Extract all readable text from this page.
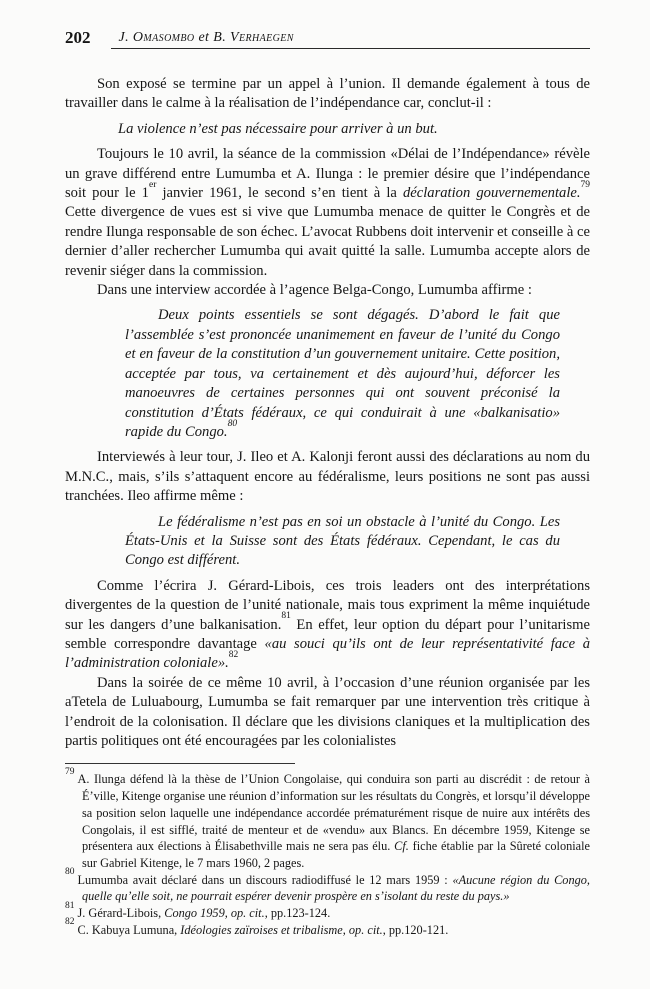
202	J. Omasombo et B. Verhaegen

Son exposé se termine par un appel à l’union. Il demande également à tous de travailler dans le calme à la réalisation de l’indépendance car, conclut-il :

La violence n’est pas nécessaire pour arriver à un but.

Toujours le 10 avril, la séance de la commission «Délai de l’Indépendance» révèle un grave différend entre Lumumba et A. Ilunga : le premier désire que l’indépendance soit pour le 1er janvier 1961, le second s’en tient à la déclaration gouvernementale.$^{79}$ Cette divergence de vues est si vive que Lumumba menace de quitter le Congrès et de rendre Ilunga responsable de son échec. L’avocat Rubbens doit intervenir et conseille à ce dernier d’aller rechercher Lumumba qui avait quitté la salle. Lumumba accepte alors de revenir siéger dans la commission.

Dans une interview accordée à l’agence Belga-Congo, Lumumba affirme :

Deux points essentiels se sont dégagés. D’abord le fait que l’assemblée s’est prononcée unanimement en faveur de l’unité du Congo et en faveur de la constitution d’un gouvernement unitaire. Cette position, acceptée par tous, va certainement et dès aujourd’hui, déforcer les manoeuvres de certaines personnes qui ont souvent préconisé la constitution d’États fédéraux, ce qui conduirait à une «balkanisatio» rapide du Congo.$^{80}$

Interviewés à leur tour, J. Ileo et A. Kalonji feront aussi des déclarations au nom du M.N.C., mais, s’ils s’attaquent encore au fédéralisme, leurs positions ne sont pas aussi tranchées. Ileo affirme même :

Le fédéralisme n’est pas en soi un obstacle à l’unité du Congo. Les États-Unis et la Suisse sont des États fédéraux. Cependant, le cas du Congo est différent.

Comme l’écrira J. Gérard-Libois, ces trois leaders ont des interprétations divergentes de la question de l’unité nationale, mais tous expriment la même inquiétude sur les dangers d’une balkanisation.$^{81}$ En effet, leur option du départ pour l’unitarisme semble correspondre davantage «au souci qu’ils ont de leur représentativité face à l’administration coloniale».$^{82}$

Dans la soirée de ce même 10 avril, à l’occasion d’une réunion organisée par les aTetela de Luluabourg, Lumumba se fait remarquer par une intervention très critique à l’endroit de la colonisation. Il déclare que les divisions claniques et la multiplication des partis politiques ont été encouragées par les colonialistes

$^{79}$A. Ilunga défend là la thèse de l’Union Congolaise, qui conduira son parti au discrédit : de retour à É’ville, Kitenge organise une réunion d’information sur les résultats du Congrès, et lorsqu’il développe sa position selon laquelle une indépendance accordée prématurément risque de nuire aux intérêts des Congolais, il est sifflé, traité de menteur et de «vendu» aux Blancs. En décembre 1959, Kitenge se présentera aux élections à Élisabethville mais ne sera pas élu. Cf. fiche établie par la Sûreté coloniale sur Gabriel Kitenge, le 7 mars 1960, 2 pages.

$^{80}$Lumumba avait déclaré dans un discours radiodiffusé le 12 mars 1959 : «Aucune région du Congo, quelle qu’elle soit, ne pourrait espérer devenir prospère en s’isolant du reste du pays.»

$^{81}$J. Gérard-Libois, Congo 1959, op. cit., pp.123-124.

$^{82}$C. Kabuya Lumuna, Idéologies zaïroises et tribalisme, op. cit., pp.120-121.
